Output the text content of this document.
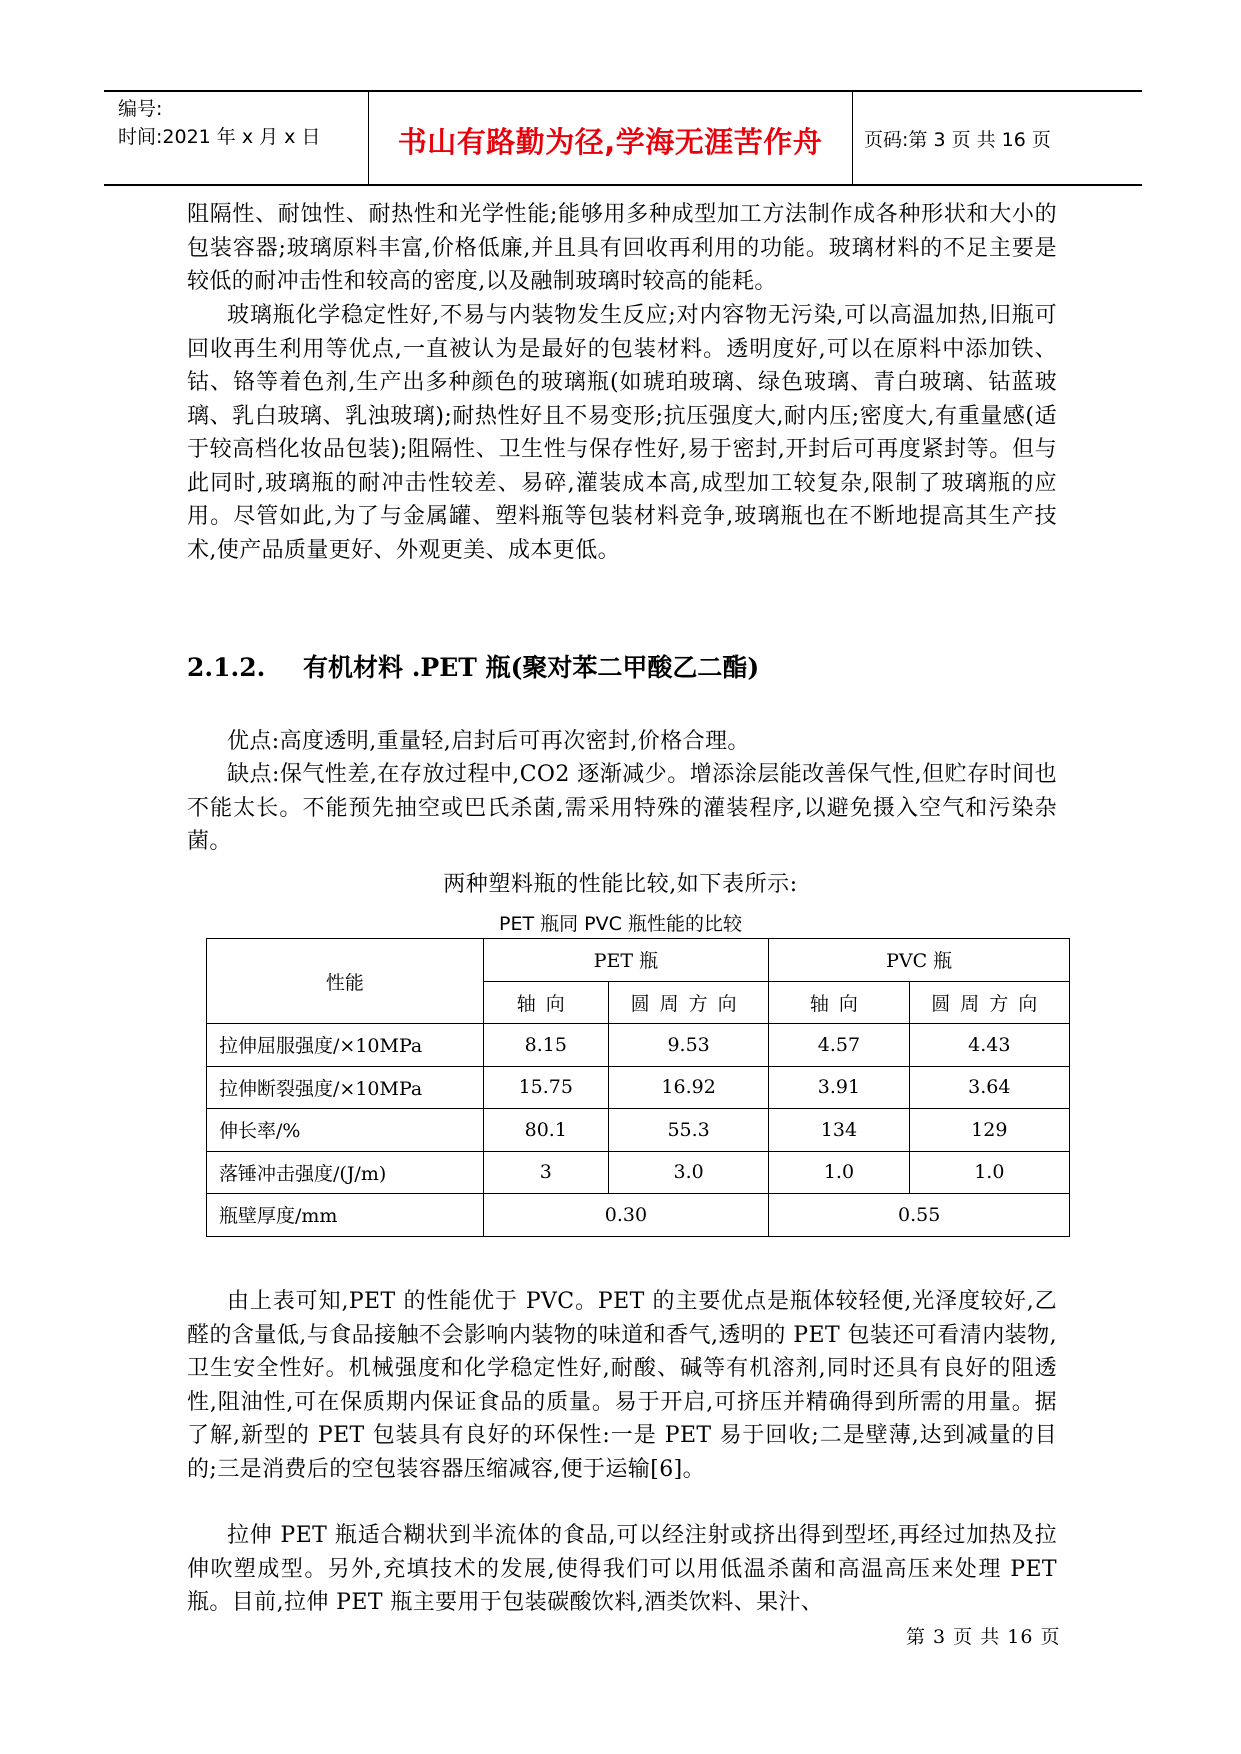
编号:
时间:2021 年 x 月 x 日	书山有路勤为径,学海无涯苦作舟	页码:第 3 页 共 16 页
阻隔性、耐蚀性、耐热性和光学性能;能够用多种成型加工方法制作成各种形状和大小的包装容器;玻璃原料丰富,价格低廉,并且具有回收再利用的功能。玻璃材料的不足主要是较低的耐冲击性和较高的密度,以及融制玻璃时较高的能耗。
玻璃瓶化学稳定性好,不易与内装物发生反应;对内容物无污染,可以高温加热,旧瓶可回收再生利用等优点,一直被认为是最好的包装材料。透明度好,可以在原料中添加铁、钴、铬等着色剂,生产出多种颜色的玻璃瓶(如琥珀玻璃、绿色玻璃、青白玻璃、钴蓝玻璃、乳白玻璃、乳浊玻璃);耐热性好且不易变形;抗压强度大,耐内压;密度大,有重量感(适于较高档化妆品包装);阻隔性、卫生性与保存性好,易于密封,开封后可再度紧封等。但与此同时,玻璃瓶的耐冲击性较差、易碎,灌装成本高,成型加工较复杂,限制了玻璃瓶的应用。尽管如此,为了与金属罐、塑料瓶等包装材料竞争,玻璃瓶也在不断地提高其生产技术,使产品质量更好、外观更美、成本更低。
2.1.2. 有机材料 .PET 瓶(聚对苯二甲酸乙二酯)
优点:高度透明,重量轻,启封后可再次密封,价格合理。
缺点:保气性差,在存放过程中,CO2 逐渐减少。增添涂层能改善保气性,但贮存时间也不能太长。不能预先抽空或巴氏杀菌,需采用特殊的灌装程序,以避免摄入空气和污染杂菌。
两种塑料瓶的性能比较,如下表所示:
PET 瓶同 PVC 瓶性能的比较
性能	PET 瓶		PVC 瓶	
	轴向	圆周方向	轴向	圆周方向
拉伸屈服强度/×10MPa	8.15	9.53	4.57	4.43
拉伸断裂强度/×10MPa	15.75	16.92	3.91	3.64
伸长率/%	80.1	55.3	134	129
落锤冲击强度/(J/m)	3	3.0	1.0	1.0
瓶壁厚度/mm	0.30		0.55	
由上表可知,PET 的性能优于 PVC。PET 的主要优点是瓶体较轻便,光泽度较好,乙醛的含量低,与食品接触不会影响内装物的味道和香气,透明的 PET 包装还可看清内装物,卫生安全性好。机械强度和化学稳定性好,耐酸、碱等有机溶剂,同时还具有良好的阻透性,阻油性,可在保质期内保证食品的质量。易于开启,可挤压并精确得到所需的用量。据了解,新型的 PET 包装具有良好的环保性:一是 PET 易于回收;二是壁薄,达到减量的目的;三是消费后的空包装容器压缩减容,便于运输[6]。
拉伸 PET 瓶适合糊状到半流体的食品,可以经注射或挤出得到型坯,再经过加热及拉伸吹塑成型。另外,充填技术的发展,使得我们可以用低温杀菌和高温高压来处理 PET 瓶。目前,拉伸 PET 瓶主要用于包装碳酸饮料,酒类饮料、果汁、
第 3 页 共 16 页
